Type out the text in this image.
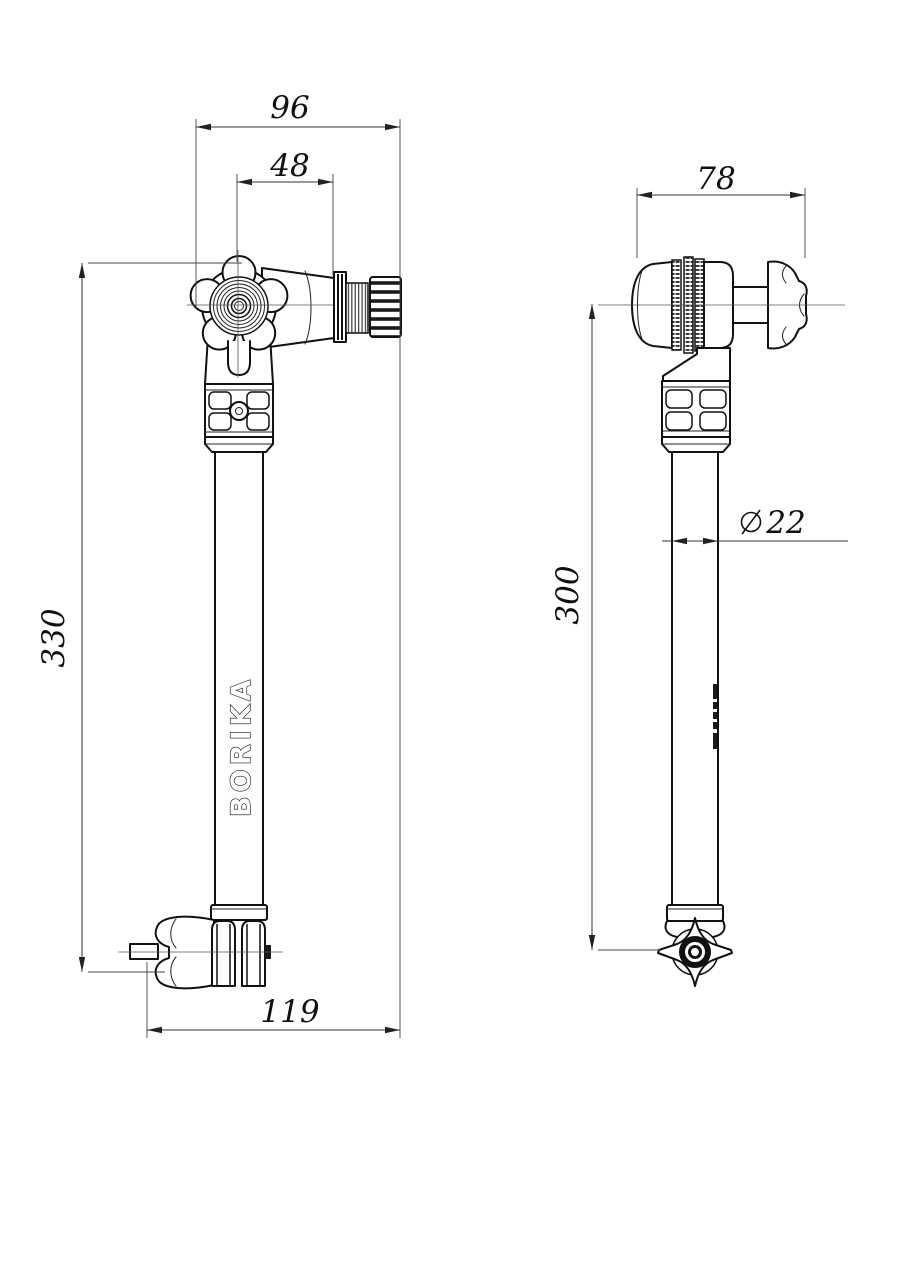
BORIKA
96
48
330
119
78
300
22
